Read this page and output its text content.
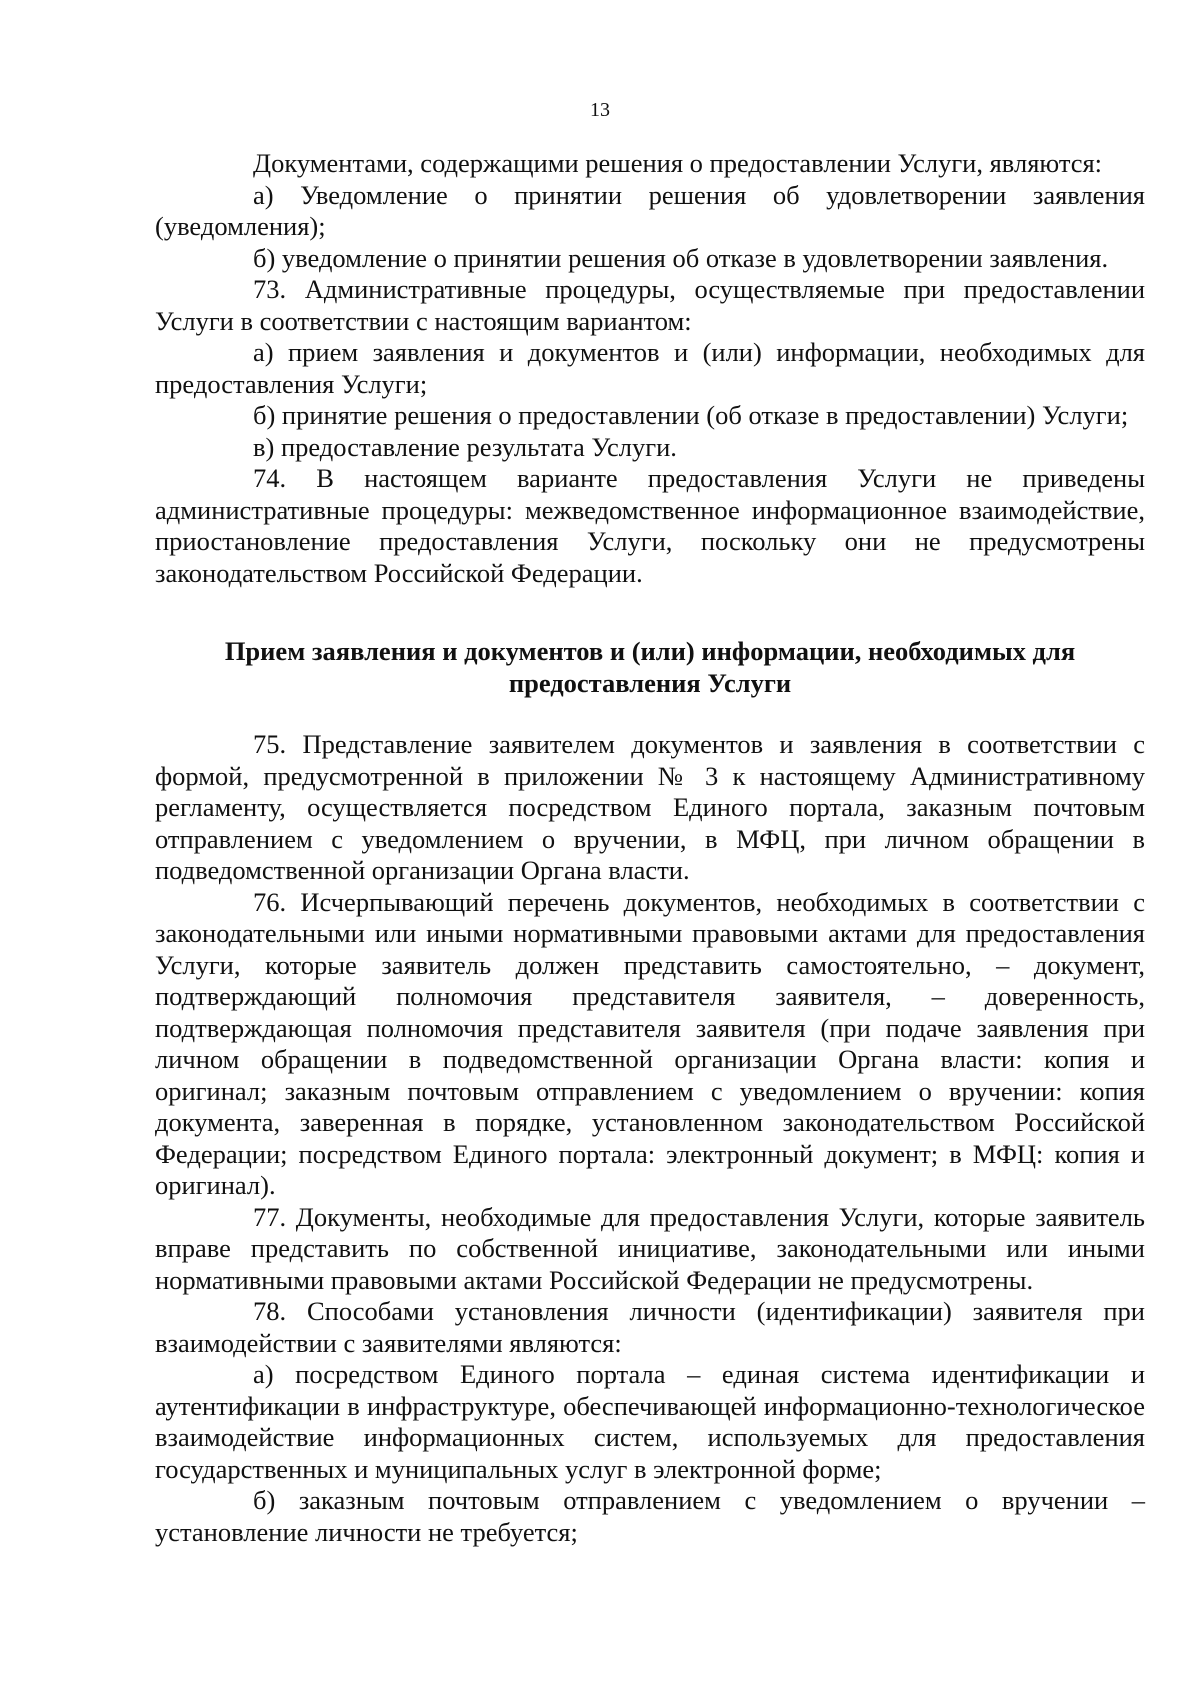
13

Документами, содержащими решения о предоставлении Услуги, являются:

а) Уведомление о принятии решения об удовлетворении заявления (уведомления);

б) уведомление о принятии решения об отказе в удовлетворении заявления.

73. Административные процедуры, осуществляемые при предоставлении Услуги в соответствии с настоящим вариантом:

а) прием заявления и документов и (или) информации, необходимых для предоставления Услуги;

б) принятие решения о предоставлении (об отказе в предоставлении) Услуги;

в) предоставление результата Услуги.

74. В настоящем варианте предоставления Услуги не приведены административные процедуры: межведомственное информационное взаимодействие, приостановление предоставления Услуги, поскольку они не предусмотрены законодательством Российской Федерации.

Прием заявления и документов и (или) информации, необходимых для
предоставления Услуги

75. Представление заявителем документов и заявления в соответствии с формой, предусмотренной в приложении № 3 к настоящему Административному регламенту, осуществляется посредством Единого портала, заказным почтовым отправлением с уведомлением о вручении, в МФЦ, при личном обращении в подведомственной организации Органа власти.

76. Исчерпывающий перечень документов, необходимых в соответствии с законодательными или иными нормативными правовыми актами для предоставления Услуги, которые заявитель должен представить самостоятельно, – документ, подтверждающий полномочия представителя заявителя, – доверенность, подтверждающая полномочия представителя заявителя (при подаче заявления при личном обращении в подведомственной организации Органа власти: копия и оригинал; заказным почтовым отправлением с уведомлением о вручении: копия документа, заверенная в порядке, установленном законодательством Российской Федерации; посредством Единого портала: электронный документ; в МФЦ: копия и оригинал).

77. Документы, необходимые для предоставления Услуги, которые заявитель вправе представить по собственной инициативе, законодательными или иными нормативными правовыми актами Российской Федерации не предусмотрены.

78. Способами установления личности (идентификации) заявителя при взаимодействии с заявителями являются:

а) посредством Единого портала – единая система идентификации и аутентификации в инфраструктуре, обеспечивающей информационно-технологическое взаимодействие информационных систем, используемых для предоставления государственных и муниципальных услуг в электронной форме;

б) заказным почтовым отправлением с уведомлением о вручении – установление личности не требуется;
